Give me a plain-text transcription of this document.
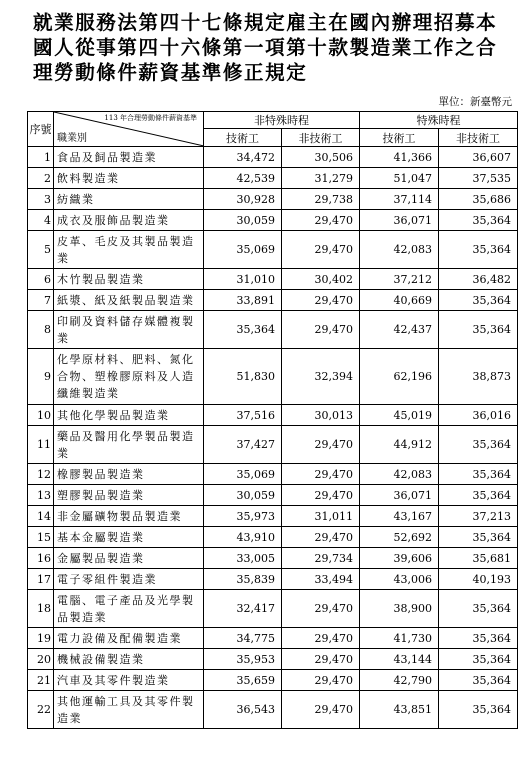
就業服務法第四十七條規定雇主在國內辦理招募本國人從事第四十六條第一項第十款製造業工作之合理勞動條件薪資基準修正規定
單位：新臺幣元
序號	113 年合理勞動條件薪資基準
職業別	非特殊時程		特殊時程	
		技術工	非技術工	技術工	非技術工
1	食品及飼品製造業	34,472	30,506	41,366	36,607
2	飲料製造業	42,539	31,279	51,047	37,535
3	紡織業	30,928	29,738	37,114	35,686
4	成衣及服飾品製造業	30,059	29,470	36,071	35,364
5	皮革、毛皮及其製品製造業	35,069	29,470	42,083	35,364
6	木竹製品製造業	31,010	30,402	37,212	36,482
7	紙漿、紙及紙製品製造業	33,891	29,470	40,669	35,364
8	印刷及資料儲存媒體複製業	35,364	29,470	42,437	35,364
9	化學原材料、肥料、氮化合物、塑橡膠原料及人造纖維製造業	51,830	32,394	62,196	38,873
10	其他化學製品製造業	37,516	30,013	45,019	36,016
11	藥品及醫用化學製品製造業	37,427	29,470	44,912	35,364
12	橡膠製品製造業	35,069	29,470	42,083	35,364
13	塑膠製品製造業	30,059	29,470	36,071	35,364
14	非金屬礦物製品製造業	35,973	31,011	43,167	37,213
15	基本金屬製造業	43,910	29,470	52,692	35,364
16	金屬製品製造業	33,005	29,734	39,606	35,681
17	電子零組件製造業	35,839	33,494	43,006	40,193
18	電腦、電子產品及光學製品製造業	32,417	29,470	38,900	35,364
19	電力設備及配備製造業	34,775	29,470	41,730	35,364
20	機械設備製造業	35,953	29,470	43,144	35,364
21	汽車及其零件製造業	35,659	29,470	42,790	35,364
22	其他運輸工具及其零件製造業	36,543	29,470	43,851	35,364
